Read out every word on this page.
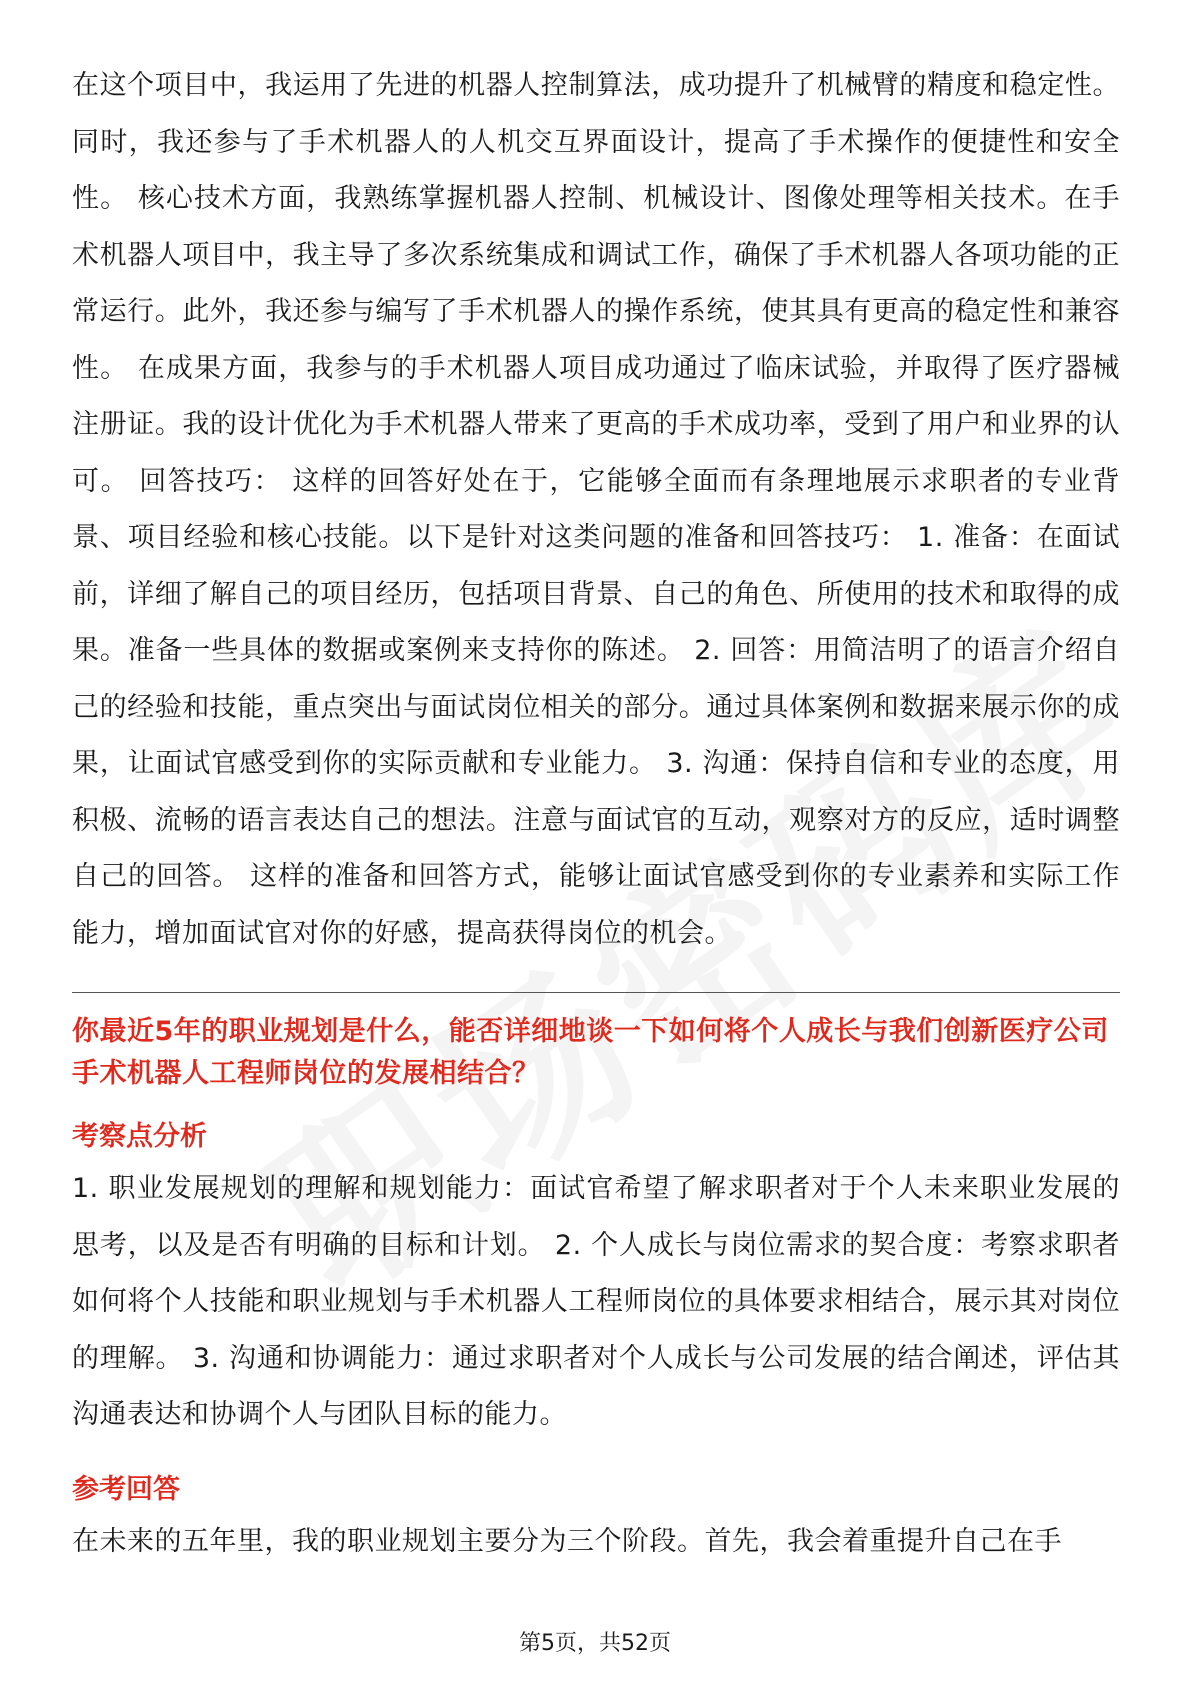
在这个项目中，我运用了先进的机器人控制算法，成功提升了机械臂的精度和稳定性。同时，我还参与了手术机器人的人机交互界面设计，提高了手术操作的便捷性和安全性。 核心技术方面，我熟练掌握机器人控制、机械设计、图像处理等相关技术。在手术机器人项目中，我主导了多次系统集成和调试工作，确保了手术机器人各项功能的正常运行。此外，我还参与编写了手术机器人的操作系统，使其具有更高的稳定性和兼容性。 在成果方面，我参与的手术机器人项目成功通过了临床试验，并取得了医疗器械注册证。我的设计优化为手术机器人带来了更高的手术成功率，受到了用户和业界的认可。 回答技巧： 这样的回答好处在于，它能够全面而有条理地展示求职者的专业背景、项目经验和核心技能。以下是针对这类问题的准备和回答技巧： 1. 准备：在面试前，详细了解自己的项目经历，包括项目背景、自己的角色、所使用的技术和取得的成果。准备一些具体的数据或案例来支持你的陈述。 2. 回答：用简洁明了的语言介绍自己的经验和技能，重点突出与面试岗位相关的部分。通过具体案例和数据来展示你的成果，让面试官感受到你的实际贡献和专业能力。 3. 沟通：保持自信和专业的态度，用积极、流畅的语言表达自己的想法。注意与面试官的互动，观察对方的反应，适时调整自己的回答。 这样的准备和回答方式，能够让面试官感受到你的专业素养和实际工作能力，增加面试官对你的好感，提高获得岗位的机会。

你最近5年的职业规划是什么，能否详细地谈一下如何将个人成长与我们创新医疗公司手术机器人工程师岗位的发展相结合？

考察点分析

1. 职业发展规划的理解和规划能力：面试官希望了解求职者对于个人未来职业发展的思考，以及是否有明确的目标和计划。 2. 个人成长与岗位需求的契合度：考察求职者如何将个人技能和职业规划与手术机器人工程师岗位的具体要求相结合，展示其对岗位的理解。 3. 沟通和协调能力：通过求职者对个人成长与公司发展的结合阐述，评估其沟通表达和协调个人与团队目标的能力。

参考回答

在未来的五年里，我的职业规划主要分为三个阶段。首先，我会着重提升自己在手

第5页，共52页
